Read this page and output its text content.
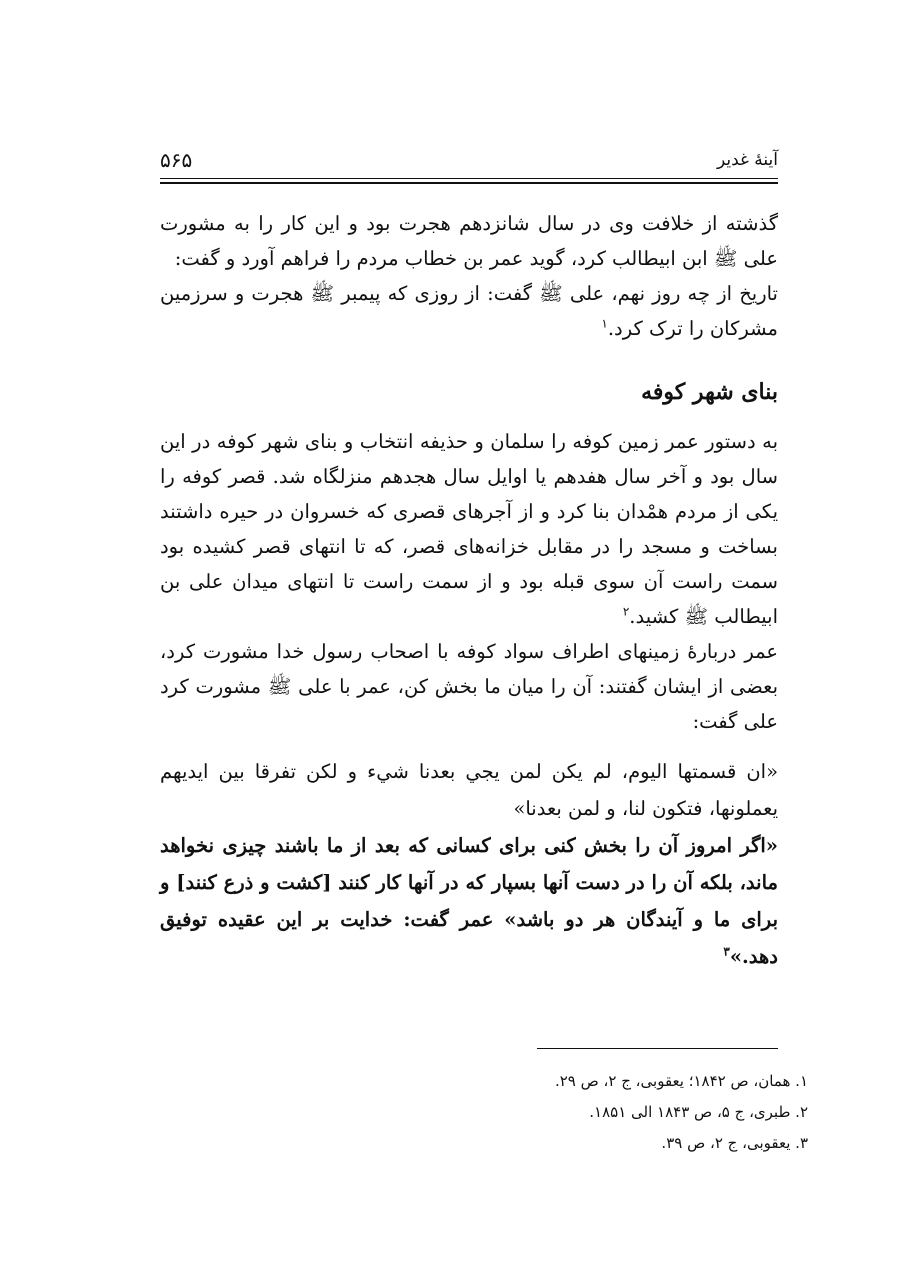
آینۀ غدیر
۵۶۵

گذشته از خلافت وی در سال شانزدهم هجرت بود و این کار را به مشورت علی ﷺ ابن ابیطالب کرد، گوید عمر بن خطاب مردم را فراهم آورد و گفت:

تاریخ از چه روز نهم، علی ﷺ گفت: از روزی که پیمبر ﷺ هجرت و سرزمین مشرکان را ترک کرد.$^۱$

بنای شهر کوفه

به دستور عمر زمین کوفه را سلمان و حذیفه انتخاب و بنای شهر کوفه در این سال بود و آخر سال هفدهم یا اوایل سال هجدهم منزلگاه شد. قصر کوفه را یکی از مردم همْدان بنا کرد و از آجرهای قصری که خسروان در حیره داشتند بساخت و مسجد را در مقابل خزانه‌های قصر، که تا انتهای قصر کشیده بود سمت راست آن سوی قبله بود و از سمت راست تا انتهای میدان علی بن ابیطالب ﷺ کشید.$^۲$

عمر دربارۀ زمینهای اطراف سواد کوفه با اصحاب رسول خدا مشورت کرد، بعضی از ایشان گفتند: آن را میان ما بخش کن، عمر با علی ﷺ مشورت کرد علی گفت:

«ان قسمتها الیوم، لم یکن لمن یجي بعدنا شيء و لكن تفرقا بين ايديهم يعملونها، فتكون لنا، و لمن بعدنا»

«اگر امروز آن را بخش کنی برای کسانی که بعد از ما باشند چیزی نخواهد ماند، بلکه آن را در دست آنها بسپار که در آنها کار کنند [کشت و ذرع کنند] و برای ما و آیندگان هر دو باشد» عمر گفت: خدایت بر این عقیده توفیق دهد.»$^۳$

۱. همان، ص ۱۸۴۲؛ یعقوبی، ج ۲، ص ۲۹.
۲. طبری، ج ۵، ص ۱۸۴۳ الی ۱۸۵۱.
۳. یعقوبی، ج ۲، ص ۳۹.
